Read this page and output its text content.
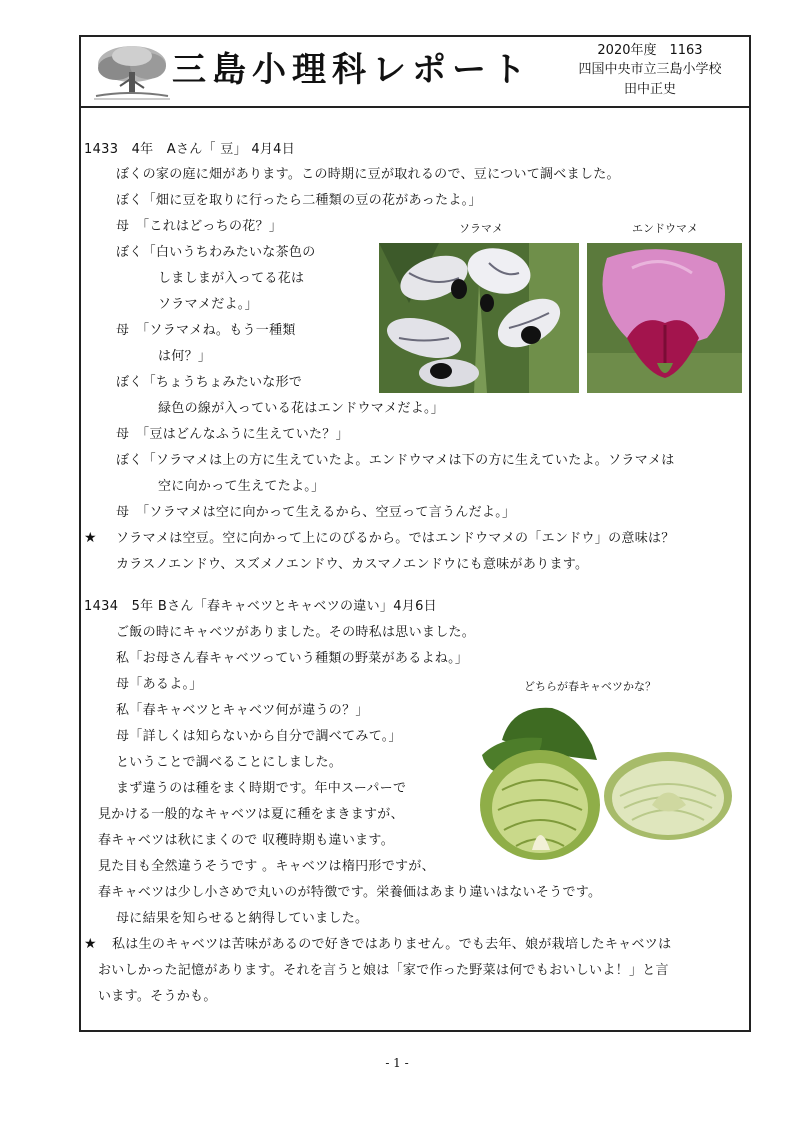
三島小理科レポート	2020年度　1163
四国中央市立三島小学校
田中正史
1433　4年　Aさん「 豆」 4月4日
ぼくの家の庭に畑があります。この時期に豆が取れるので、豆について調べました。
ぼく「畑に豆を取りに行ったら二種類の豆の花があったよ。」
母　「これはどっちの花？」
ぼく「白いうちわみたいな茶色の
しましまが入ってる花は
ソラマメだよ。」
母　「ソラマメね。もう一種類
は何？」
ぼく「ちょうちょみたいな形で
緑色の線が入っている花はエンドウマメだよ。」
母　「豆はどんなふうに生えていた？」
ぼく「ソラマメは上の方に生えていたよ。エンドウマメは下の方に生えていたよ。ソラマメは
空に向かって生えてたよ。」
母　「ソラマメは空に向かって生えるから、空豆って言うんだよ。」
★ ソラマメは空豆。空に向かって上にのびるから。ではエンドウマメの「エンドウ」の意味は？
カラスノエンドウ、スズメノエンドウ、カスマノエンドウにも意味があります。
ソラマメ	エンドウマメ
1434　5年 Bさん「春キャベツとキャベツの違い」4月6日
ご飯の時にキャベツがありました。その時私は思いました。
私「お母さん春キャベツっていう種類の野菜があるよね。」
母「あるよ。」
私「春キャベツとキャベツ何が違うの？」
母「詳しくは知らないから自分で調べてみて。」
ということで調べることにしました。
まず違うのは種をまく時期です。年中スーパーで
見かける一般的なキャベツは夏に種をまきますが、
春キャベツは秋にまくので 収穫時期も違います。
見た目も全然違うそうです 。キャベツは楕円形ですが、
春キャベツは少し小さめで丸いのが特徴です。栄養価はあまり違いはないそうです。
母に結果を知らせると納得していました。
★ 私は生のキャベツは苦味があるので好きではありません。でも去年、娘が栽培したキャベツは
おいしかった記憶があります。それを言うと娘は「家で作った野菜は何でもおいしいよ！」と言
います。そうかも。
どちらが春キャベツかな？
- 1 -
